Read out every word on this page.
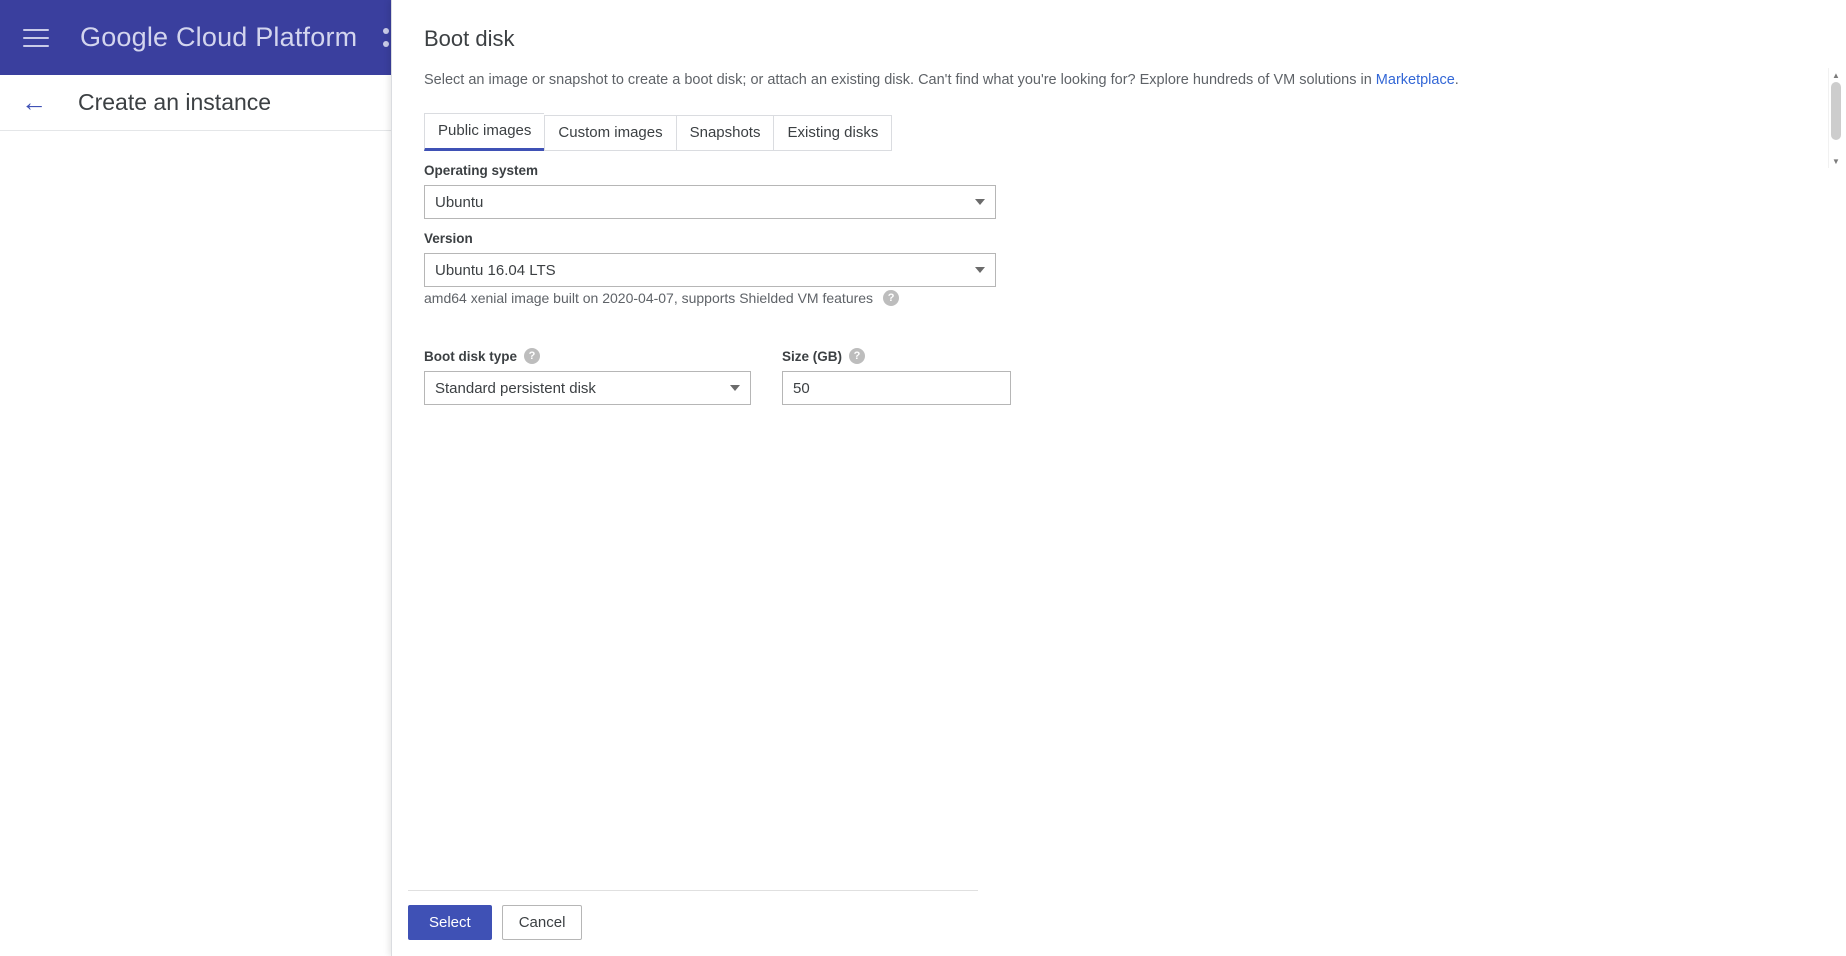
Google Cloud Platform
←	Create an instance
Boot disk
Select an image or snapshot to create a boot disk; or attach an existing disk. Can't find what you're looking for? Explore hundreds of VM solutions in Marketplace.	▲
▼
Public images	Custom images	Snapshots	Existing disks
Operating system
Ubuntu
Version
Ubuntu 16.04 LTS
amd64 xenial image built on 2020-04-07, supports Shielded VM features	?
Boot disk type	?
Standard persistent disk
Size (GB)	?
50
Select	Cancel
